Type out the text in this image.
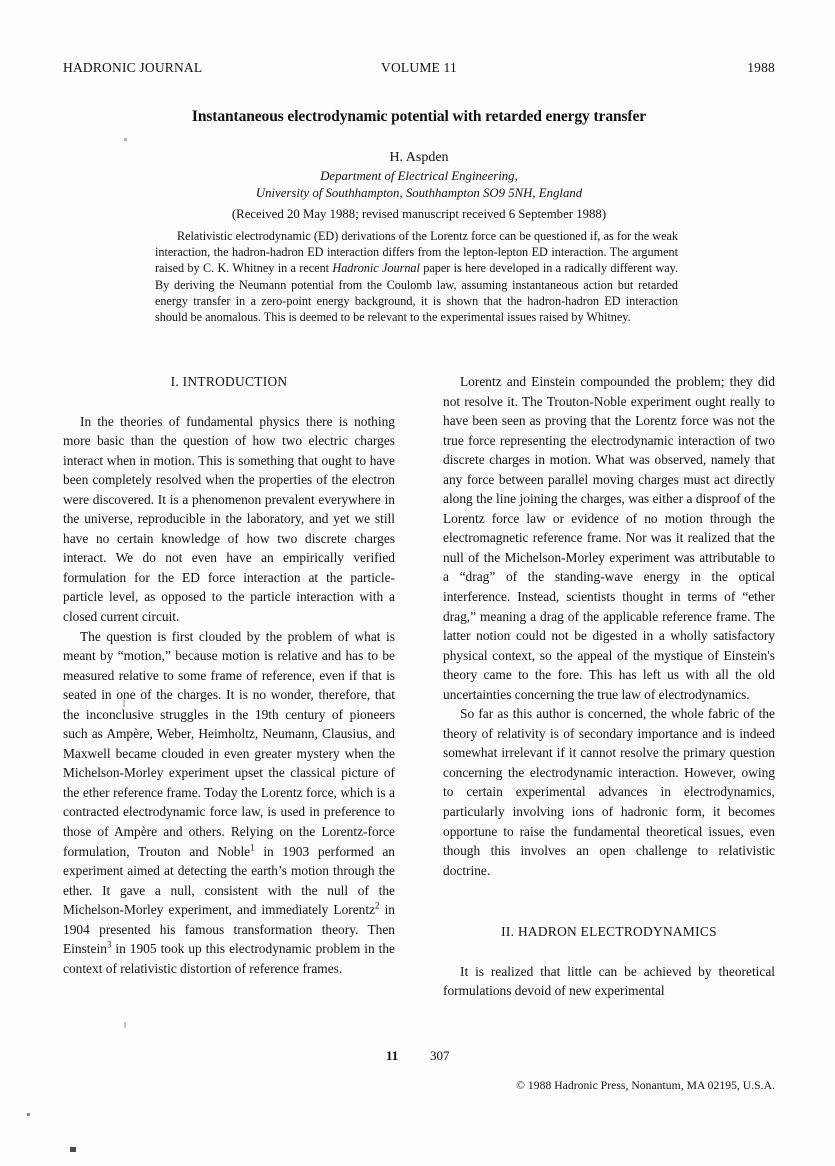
HADRONIC JOURNAL	VOLUME 11	1988
Instantaneous electrodynamic potential with retarded energy transfer
H. Aspden
Department of Electrical Engineering,
University of Southhampton, Southhampton SO9 5NH, England
(Received 20 May 1988; revised manuscript received 6 September 1988)
Relativistic electrodynamic (ED) derivations of the Lorentz force can be questioned if, as for the weak interaction, the hadron-hadron ED interaction differs from the lepton-lepton ED interaction. The argument raised by C. K. Whitney in a recent Hadronic Journal paper is here developed in a radically different way. By deriving the Neumann potential from the Coulomb law, assuming instantaneous action but retarded energy transfer in a zero-point energy background, it is shown that the hadron-hadron ED interaction should be anomalous. This is deemed to be relevant to the experimental issues raised by Whitney.
I. INTRODUCTION

In the theories of fundamental physics there is nothing more basic than the question of how two electric charges interact when in motion. This is something that ought to have been completely resolved when the properties of the electron were discovered. It is a phenomenon prevalent everywhere in the universe, reproducible in the laboratory, and yet we still have no certain knowledge of how two discrete charges interact. We do not even have an empirically verified formulation for the ED force interaction at the particle-particle level, as opposed to the particle interaction with a closed current circuit.

The question is first clouded by the problem of what is meant by “motion,” because motion is relative and has to be measured relative to some frame of reference, even if that is seated in one of the charges. It is no wonder, therefore, that the inconclusive struggles in the 19th century of pioneers such as Ampère, Weber, Heimholtz, Neumann, Clausius, and Maxwell became clouded in even greater mystery when the Michelson-Morley experiment upset the classical picture of the ether reference frame. Today the Lorentz force, which is a contracted electrodynamic force law, is used in preference to those of Ampère and others. Relying on the Lorentz-force formulation, Trouton and Noble$^1$ in 1903 performed an experiment aimed at detecting the earth’s motion through the ether. It gave a null, consistent with the null of the Michelson-Morley experiment, and immediately Lorentz$^2$ in 1904 presented his famous transformation theory. Then Einstein$^3$ in 1905 took up this electrodynamic problem in the context of relativistic distortion of reference frames.

Lorentz and Einstein compounded the problem; they did not resolve it. The Trouton-Noble experiment ought really to have been seen as proving that the Lorentz force was not the true force representing the electrodynamic interaction of two discrete charges in motion. What was observed, namely that any force between parallel moving charges must act directly along the line joining the charges, was either a disproof of the Lorentz force law or evidence of no motion through the electromagnetic reference frame. Nor was it realized that the null of the Michelson-Morley experiment was attributable to a “drag” of the standing-wave energy in the optical interference. Instead, scientists thought in terms of “ether drag,” meaning a drag of the applicable reference frame. The latter notion could not be digested in a wholly satisfactory physical context, so the appeal of the mystique of Einstein's theory came to the fore. This has left us with all the old uncertainties concerning the true law of electrodynamics.

So far as this author is concerned, the whole fabric of the theory of relativity is of secondary importance and is indeed somewhat irrelevant if it cannot resolve the primary question concerning the electrodynamic interaction. However, owing to certain experimental advances in electrodynamics, particularly involving ions of hadronic form, it becomes opportune to raise the fundamental theoretical issues, even though this involves an open challenge to relativistic doctrine.

II. HADRON ELECTRODYNAMICS

It is realized that little can be achieved by theoretical formulations devoid of new experimental

11 307
© 1988 Hadronic Press, Nonantum, MA 02195, U.S.A.
